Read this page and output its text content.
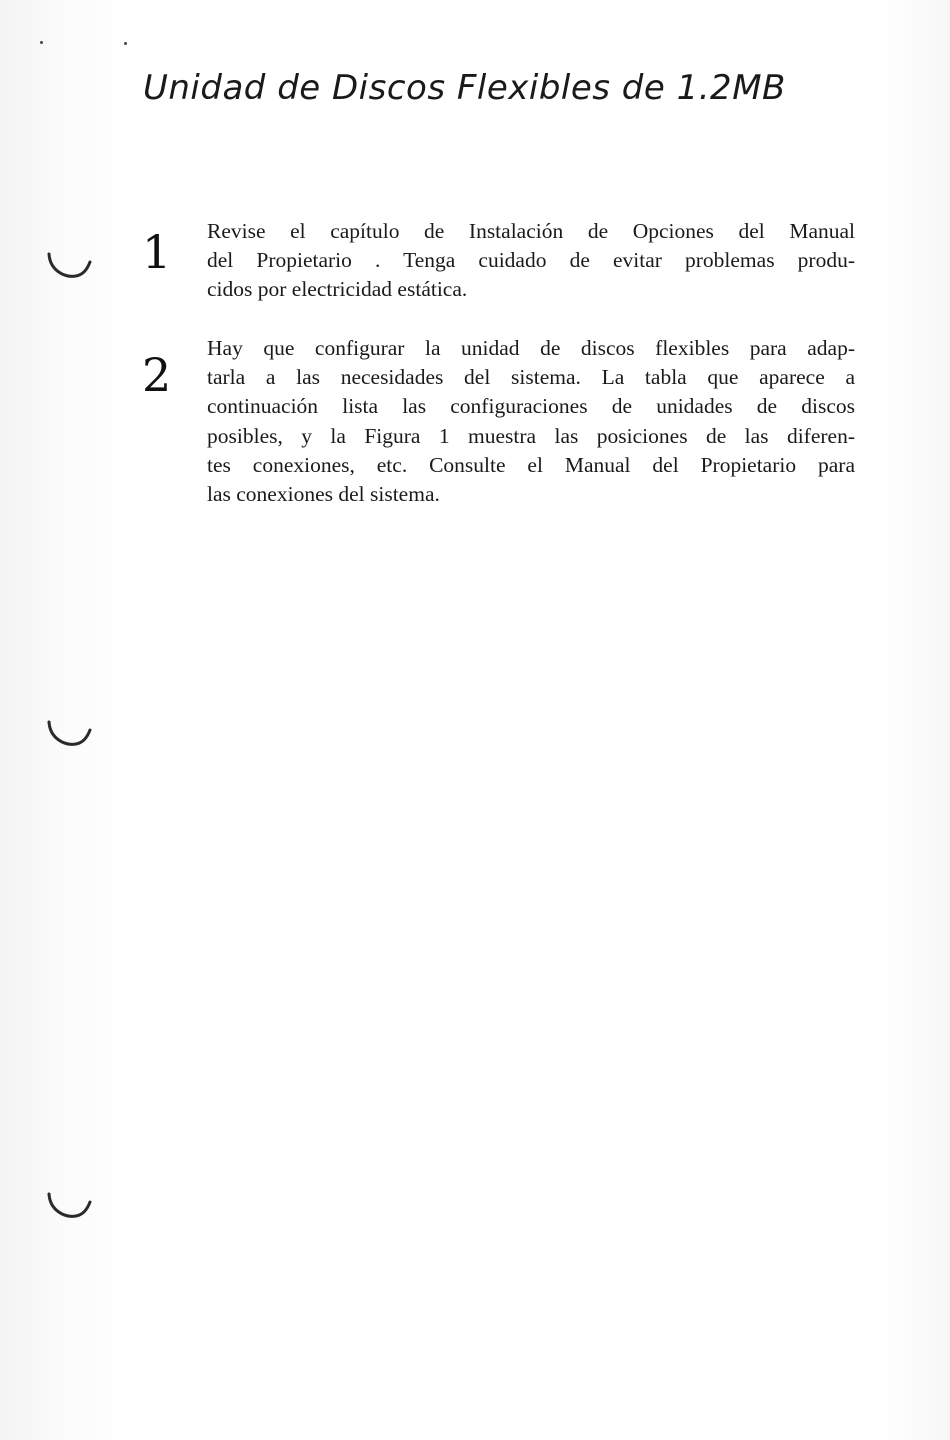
Unidad de Discos Flexibles de 1.2MB
1 Revise el capítulo de Instalación de Opciones del Manual
del Propietario . Tenga cuidado de evitar problemas produ-
cidos por electricidad estática.

2 Hay que configurar la unidad de discos flexibles para adap-
tarla a las necesidades del sistema. La tabla que aparece a
continuación lista las configuraciones de unidades de discos
posibles, y la Figura 1 muestra las posiciones de las diferen-
tes conexiones, etc. Consulte el Manual del Propietario para
las conexiones del sistema.
